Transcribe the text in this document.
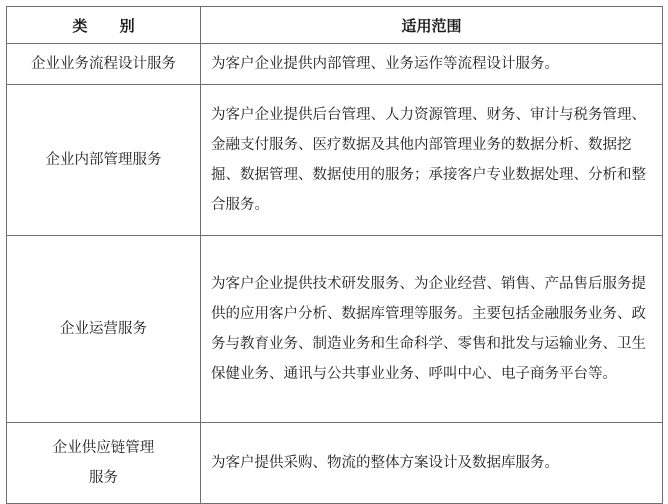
类 别	适用范围
企业业务流程设计服务	为客户企业提供内部管理、业务运作等流程设计服务。
企业内部管理服务	为客户企业提供后台管理、人力资源管理、财务、审计与税务管理、金融支付服务、医疗数据及其他内部管理业务的数据分析、数据挖掘、数据管理、数据使用的服务；承接客户专业数据处理、分析和整合服务。
企业运营服务	为客户企业提供技术研发服务、为企业经营、销售、产品售后服务提供的应用客户分析、数据库管理等服务。主要包括金融服务业务、政务与教育业务、制造业务和生命科学、零售和批发与运输业务、卫生保健业务、通讯与公共事业业务、呼叫中心、电子商务平台等。

企业供应链管理
服务	为客户提供采购、物流的整体方案设计及数据库服务。
